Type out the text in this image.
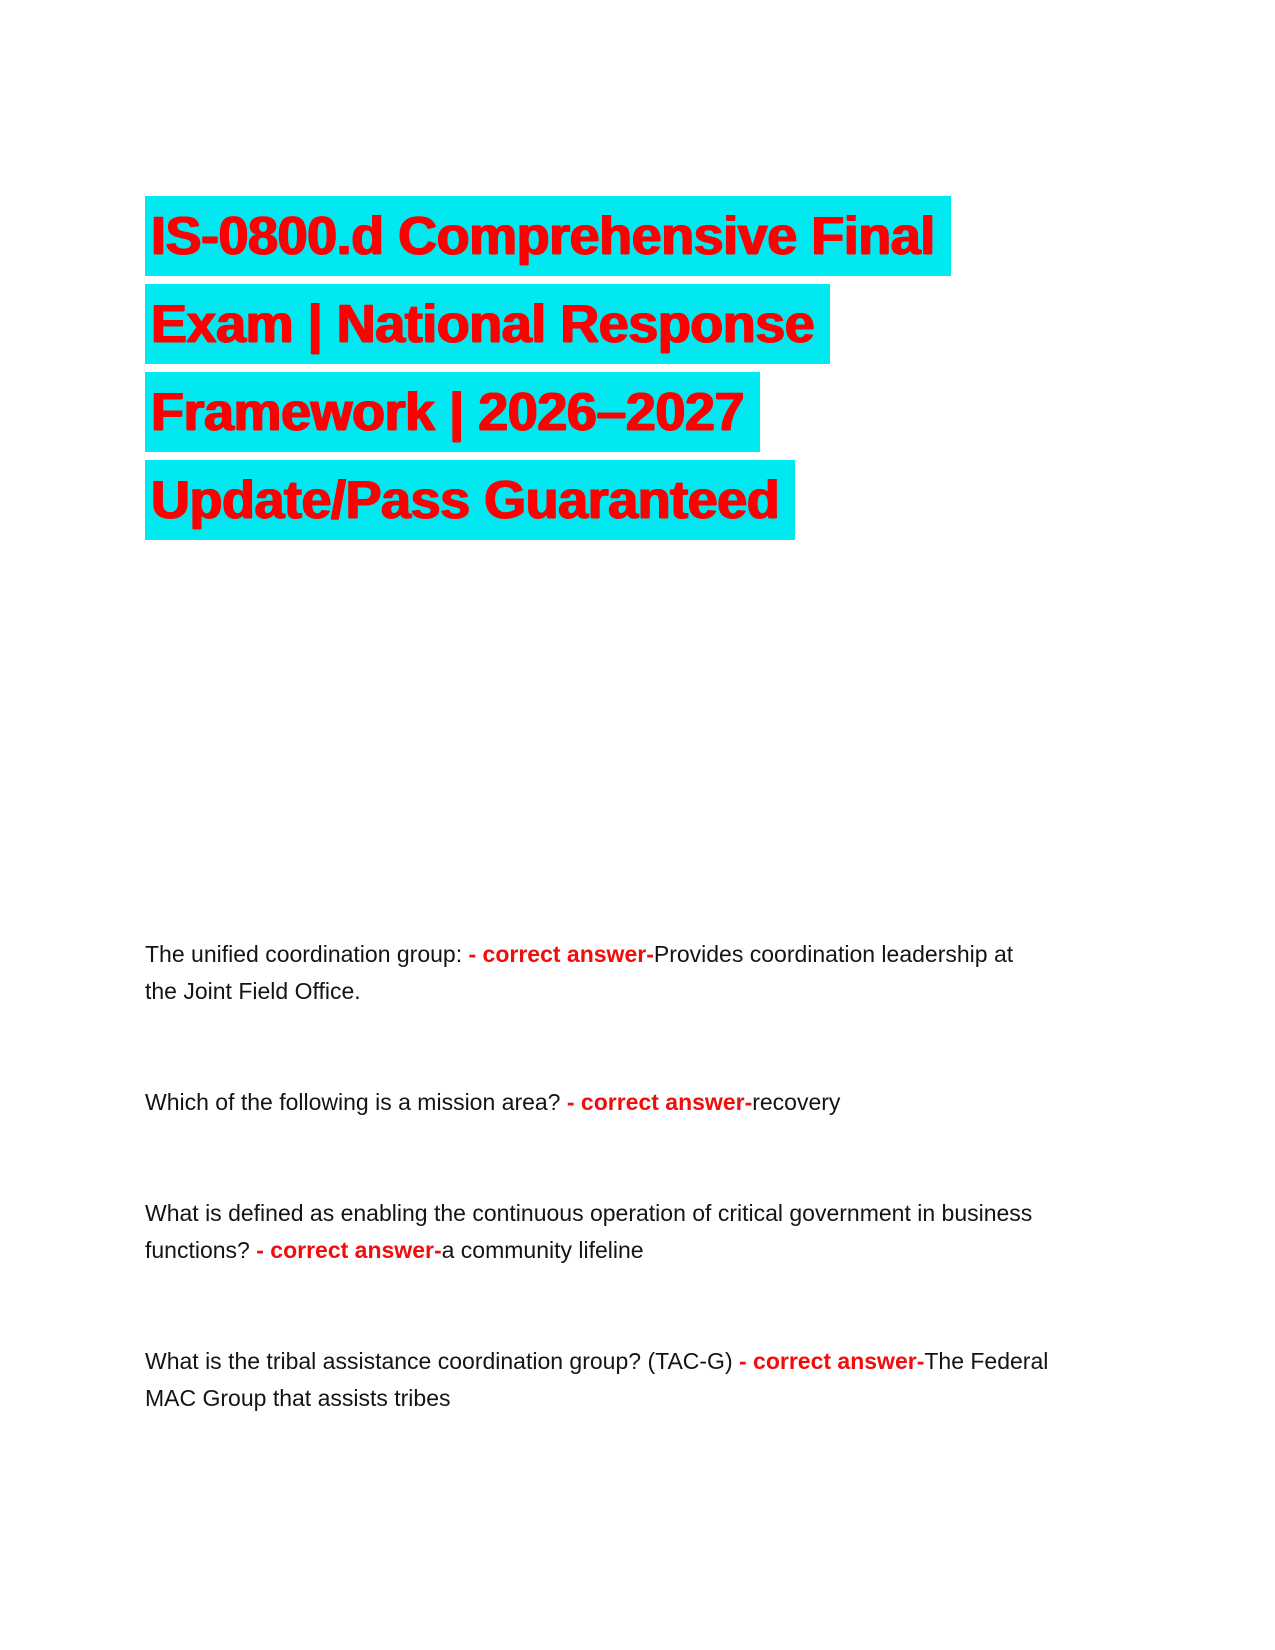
IS-0800.d Comprehensive Final
Exam | National Response
Framework | 2026–2027
Update/Pass Guaranteed

The unified coordination group: - correct answer-Provides coordination leadership at the Joint Field Office.

Which of the following is a mission area? - correct answer-recovery

What is defined as enabling the continuous operation of critical government in business functions? - correct answer-a community lifeline

What is the tribal assistance coordination group? (TAC-G) - correct answer-The Federal MAC Group that assists tribes
